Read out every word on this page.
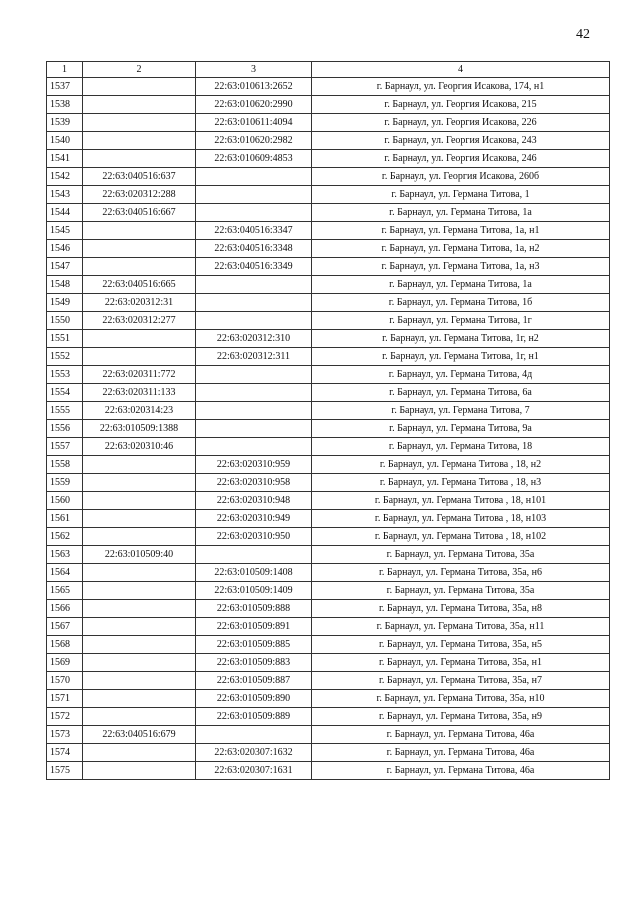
42
1	2	3	4
1537		22:63:010613:2652	г. Барнаул, ул. Георгия Исакова, 174, н1
1538		22:63:010620:2990	г. Барнаул, ул. Георгия Исакова, 215
1539		22:63:010611:4094	г. Барнаул, ул. Георгия Исакова, 226
1540		22:63:010620:2982	г. Барнаул, ул. Георгия Исакова, 243
1541		22:63:010609:4853	г. Барнаул, ул. Георгия Исакова, 246
1542	22:63:040516:637		г. Барнаул, ул. Георгия Исакова, 260б
1543	22:63:020312:288		г. Барнаул, ул. Германа Титова, 1
1544	22:63:040516:667		г. Барнаул, ул. Германа Титова, 1а
1545		22:63:040516:3347	г. Барнаул, ул. Германа Титова, 1а, н1
1546		22:63:040516:3348	г. Барнаул, ул. Германа Титова, 1а, н2
1547		22:63:040516:3349	г. Барнаул, ул. Германа Титова, 1а, н3
1548	22:63:040516:665		г. Барнаул, ул. Германа Титова, 1а
1549	22:63:020312:31		г. Барнаул, ул. Германа Титова, 1б
1550	22:63:020312:277		г. Барнаул, ул. Германа Титова, 1г
1551		22:63:020312:310	г. Барнаул, ул. Германа Титова, 1г, н2
1552		22:63:020312:311	г. Барнаул, ул. Германа Титова, 1г, н1
1553	22:63:020311:772		г. Барнаул, ул. Германа Титова, 4д
1554	22:63:020311:133		г. Барнаул, ул. Германа Титова, 6а
1555	22:63:020314:23		г. Барнаул, ул. Германа Титова, 7
1556	22:63:010509:1388		г. Барнаул, ул. Германа Титова, 9а
1557	22:63:020310:46		г. Барнаул, ул. Германа Титова, 18
1558		22:63:020310:959	г. Барнаул, ул. Германа Титова , 18, н2
1559		22:63:020310:958	г. Барнаул, ул. Германа Титова , 18, н3
1560		22:63:020310:948	г. Барнаул, ул. Германа Титова , 18, н101
1561		22:63:020310:949	г. Барнаул, ул. Германа Титова , 18, н103
1562		22:63:020310:950	г. Барнаул, ул. Германа Титова , 18, н102
1563	22:63:010509:40		г. Барнаул, ул. Германа Титова, 35а
1564		22:63:010509:1408	г. Барнаул, ул. Германа Титова, 35а, н6
1565		22:63:010509:1409	г. Барнаул, ул. Германа Титова, 35а
1566		22:63:010509:888	г. Барнаул, ул. Германа Титова, 35а, н8
1567		22:63:010509:891	г. Барнаул, ул. Германа Титова, 35а, н11
1568		22:63:010509:885	г. Барнаул, ул. Германа Титова, 35а, н5
1569		22:63:010509:883	г. Барнаул, ул. Германа Титова, 35а, н1
1570		22:63:010509:887	г. Барнаул, ул. Германа Титова, 35а, н7
1571		22:63:010509:890	г. Барнаул, ул. Германа Титова, 35а, н10
1572		22:63:010509:889	г. Барнаул, ул. Германа Титова, 35а, н9
1573	22:63:040516:679		г. Барнаул, ул. Германа Титова, 46а
1574		22:63:020307:1632	г. Барнаул, ул. Германа Титова, 46а
1575		22:63:020307:1631	г. Барнаул, ул. Германа Титова, 46а
